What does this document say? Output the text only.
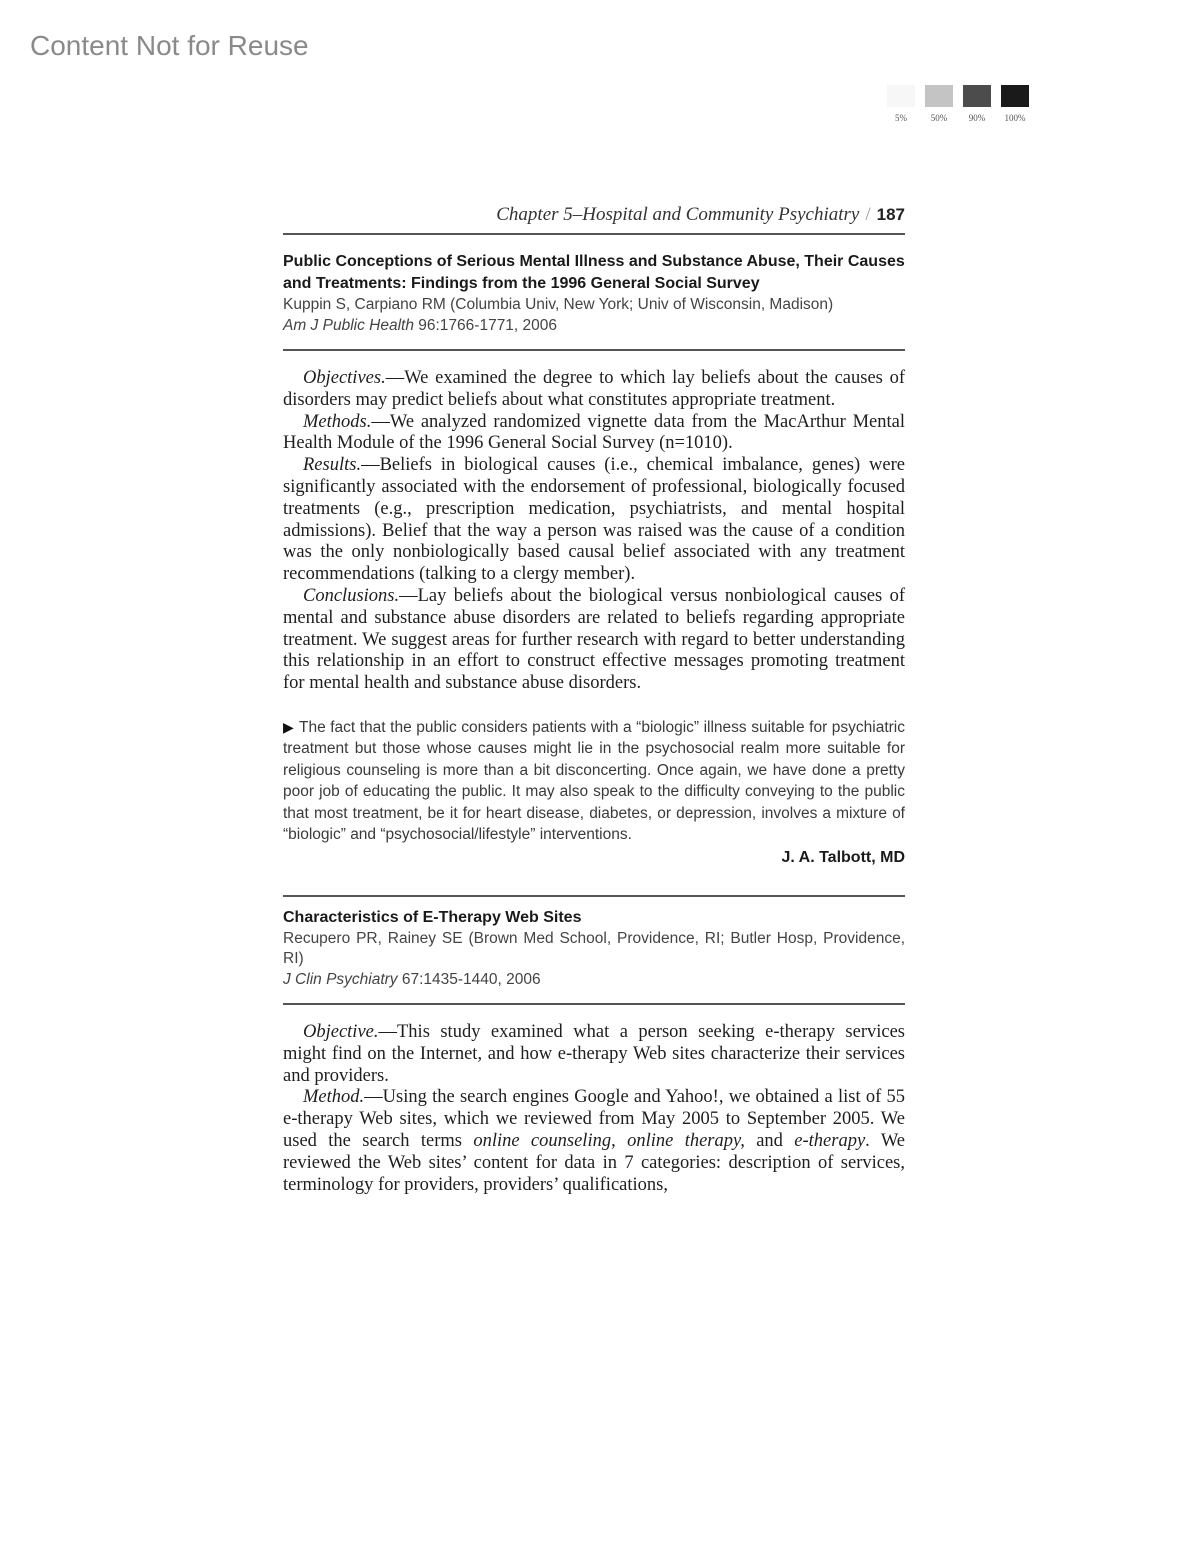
Content Not for Reuse
5%	50% 90% 100%
Chapter 5–Hospital and Community Psychiatry / 187
Public Conceptions of Serious Mental Illness and Substance Abuse, Their Causes and Treatments: Findings from the 1996 General Social Survey
Kuppin S, Carpiano RM (Columbia Univ, New York; Univ of Wisconsin, Madison)
Am J Public Health 96:1766-1771, 2006

Objectives.—We examined the degree to which lay beliefs about the causes of disorders may predict beliefs about what constitutes appropriate treatment.

Methods.—We analyzed randomized vignette data from the MacArthur Mental Health Module of the 1996 General Social Survey (n=1010).

Results.—Beliefs in biological causes (i.e., chemical imbalance, genes) were significantly associated with the endorsement of professional, biologically focused treatments (e.g., prescription medication, psychiatrists, and mental hospital admissions). Belief that the way a person was raised was the cause of a condition was the only nonbiologically based causal belief associated with any treatment recommendations (talking to a clergy member).

Conclusions.—Lay beliefs about the biological versus nonbiological causes of mental and substance abuse disorders are related to beliefs regarding appropriate treatment. We suggest areas for further research with regard to better understanding this relationship in an effort to construct effective messages promoting treatment for mental health and substance abuse disorders.

▶ The fact that the public considers patients with a “biologic” illness suitable for psychiatric treatment but those whose causes might lie in the psychosocial realm more suitable for religious counseling is more than a bit disconcerting. Once again, we have done a pretty poor job of educating the public. It may also speak to the difficulty conveying to the public that most treatment, be it for heart disease, diabetes, or depression, involves a mixture of “biologic” and “psychosocial/lifestyle” interventions.
J. A. Talbott, MD
Characteristics of E-Therapy Web Sites
Recupero PR, Rainey SE (Brown Med School, Providence, RI; Butler Hosp, Providence, RI)
J Clin Psychiatry 67:1435-1440, 2006

Objective.—This study examined what a person seeking e-therapy services might find on the Internet, and how e-therapy Web sites characterize their services and providers.

Method.—Using the search engines Google and Yahoo!, we obtained a list of 55 e-therapy Web sites, which we reviewed from May 2005 to September 2005. We used the search terms online counseling, online therapy, and e-therapy. We reviewed the Web sites’ content for data in 7 categories: description of services, terminology for providers, providers’ qualifications,
